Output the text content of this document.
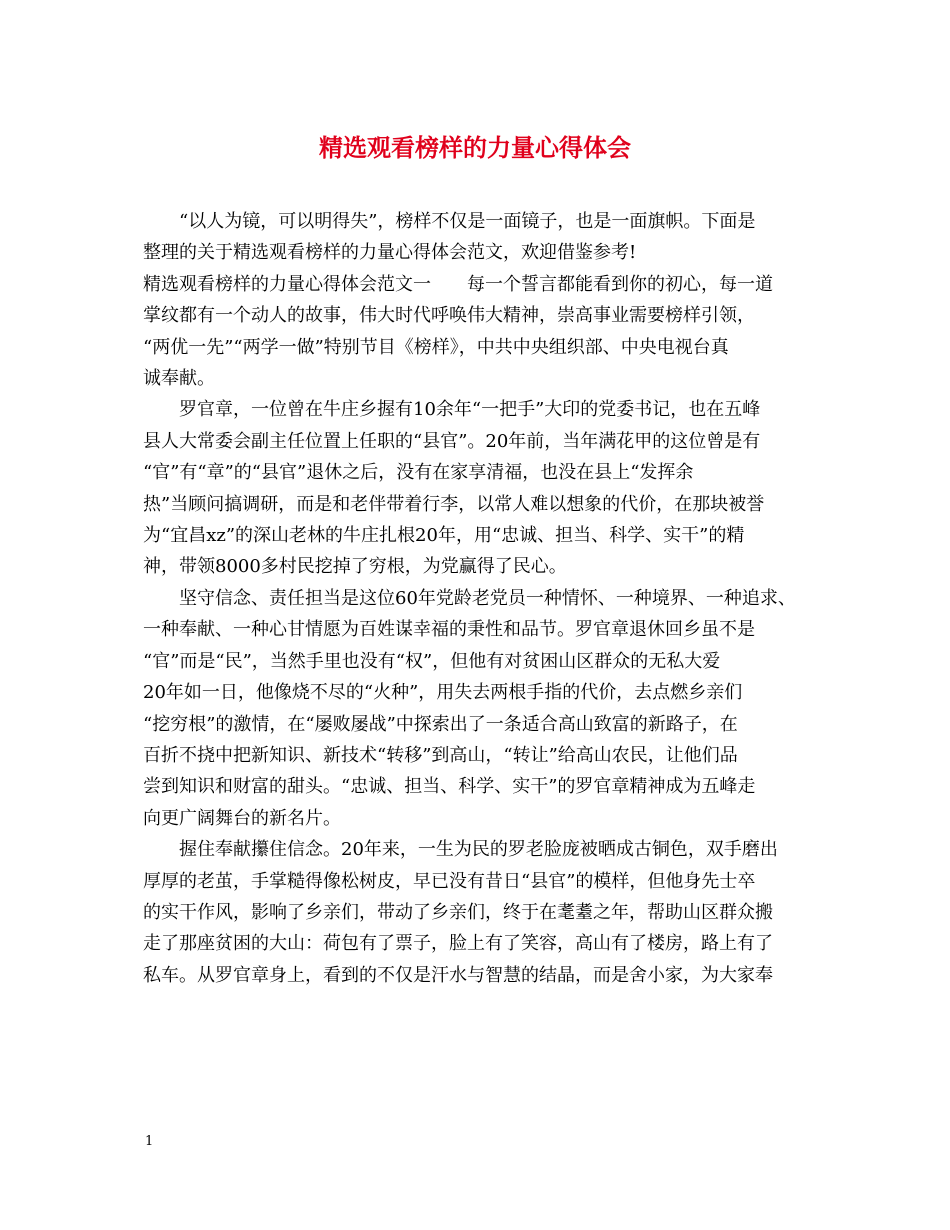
精选观看榜样的力量心得体会
　　“以人为镜，可以明得失”，榜样不仅是一面镜子，也是一面旗帜。下面是
整理的关于精选观看榜样的力量心得体会范文，欢迎借鉴参考!
精选观看榜样的力量心得体会范文一　　每一个誓言都能看到你的初心，每一道
掌纹都有一个动人的故事，伟大时代呼唤伟大精神，崇高事业需要榜样引领，
“两优一先”“两学一做”特别节目《榜样》，中共中央组织部、中央电视台真
诚奉献。
　　罗官章，一位曾在牛庄乡握有10余年“一把手”大印的党委书记，也在五峰
县人大常委会副主任位置上任职的“县官”。20年前，当年满花甲的这位曾是有
“官”有“章”的“县官”退休之后，没有在家享清福，也没在县上“发挥余
热”当顾问搞调研，而是和老伴带着行李，以常人难以想象的代价，在那块被誉
为“宜昌xz”的深山老林的牛庄扎根20年，用“忠诚、担当、科学、实干”的精
神，带领8000多村民挖掉了穷根，为党赢得了民心。
　　坚守信念、责任担当是这位60年党龄老党员一种情怀、一种境界、一种追求、
一种奉献、一种心甘情愿为百姓谋幸福的秉性和品节。罗官章退休回乡虽不是
“官”而是“民”，当然手里也没有“权”，但他有对贫困山区群众的无私大爱
20年如一日，他像烧不尽的“火种”，用失去两根手指的代价，去点燃乡亲们
“挖穷根”的激情，在“屡败屡战”中探索出了一条适合高山致富的新路子，在
百折不挠中把新知识、新技术“转移”到高山，“转让”给高山农民，让他们品
尝到知识和财富的甜头。“忠诚、担当、科学、实干”的罗官章精神成为五峰走
向更广阔舞台的新名片。
　　握住奉献攥住信念。20年来，一生为民的罗老脸庞被晒成古铜色，双手磨出
厚厚的老茧，手掌糙得像松树皮，早已没有昔日“县官”的模样，但他身先士卒
的实干作风，影响了乡亲们，带动了乡亲们，终于在耄耋之年，帮助山区群众搬
走了那座贫困的大山：荷包有了票子，脸上有了笑容，高山有了楼房，路上有了
私车。从罗官章身上，看到的不仅是汗水与智慧的结晶，而是舍小家，为大家奉
1
